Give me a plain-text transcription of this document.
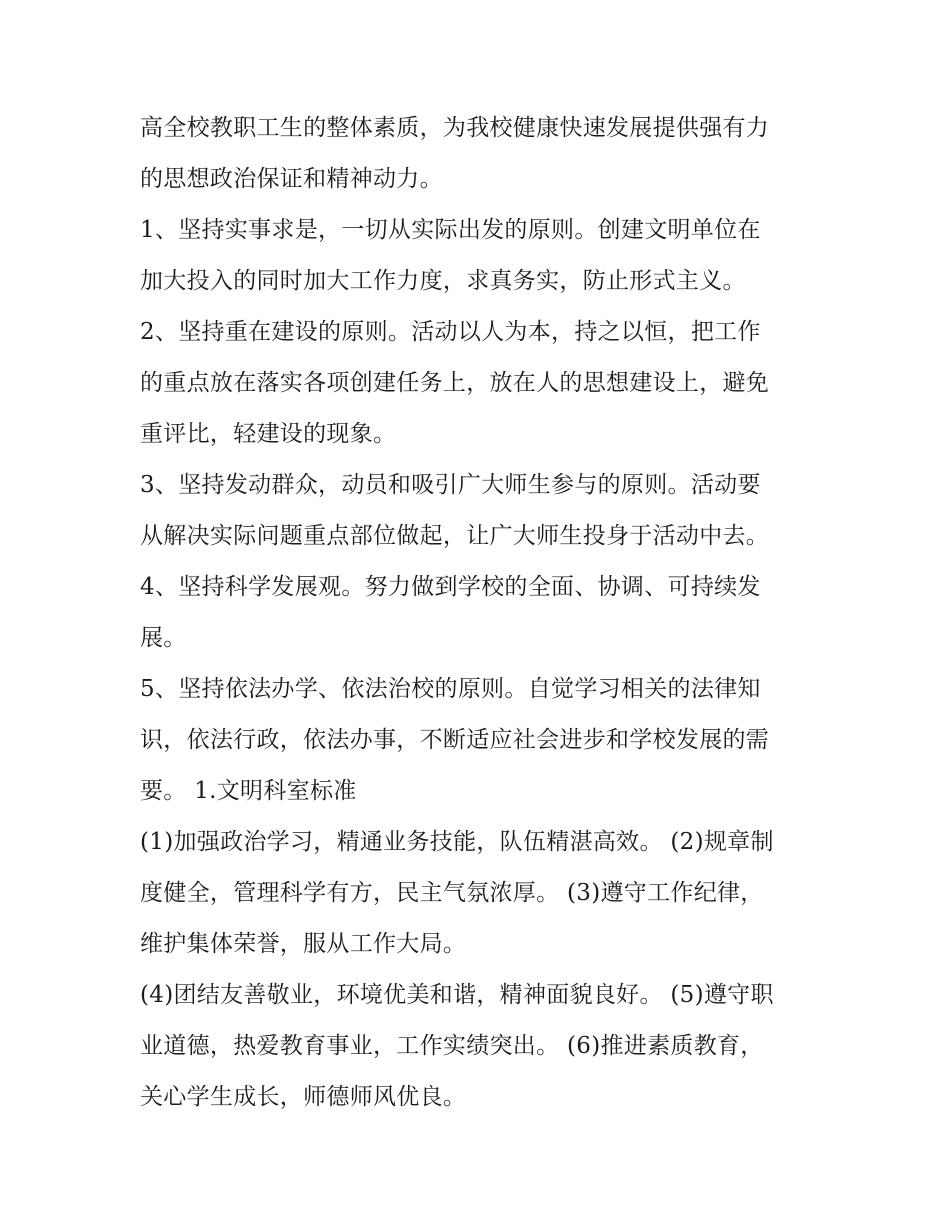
高全校教职工生的整体素质，为我校健康快速发展提供强有力
的思想政治保证和精神动力。
1、坚持实事求是，一切从实际出发的原则。创建文明单位在
加大投入的同时加大工作力度，求真务实，防止形式主义。
2、坚持重在建设的原则。活动以人为本，持之以恒，把工作
的重点放在落实各项创建任务上，放在人的思想建设上，避免
重评比，轻建设的现象。
3、坚持发动群众，动员和吸引广大师生参与的原则。活动要
从解决实际问题重点部位做起，让广大师生投身于活动中去。
4、坚持科学发展观。努力做到学校的全面、协调、可持续发
展。
5、坚持依法办学、依法治校的原则。自觉学习相关的法律知
识，依法行政，依法办事，不断适应社会进步和学校发展的需
要。 1.文明科室标准
(1)加强政治学习，精通业务技能，队伍精湛高效。 (2)规章制
度健全，管理科学有方，民主气氛浓厚。 (3)遵守工作纪律，
维护集体荣誉，服从工作大局。
(4)团结友善敬业，环境优美和谐，精神面貌良好。 (5)遵守职
业道德，热爱教育事业，工作实绩突出。 (6)推进素质教育，
关心学生成长，师德师风优良。
